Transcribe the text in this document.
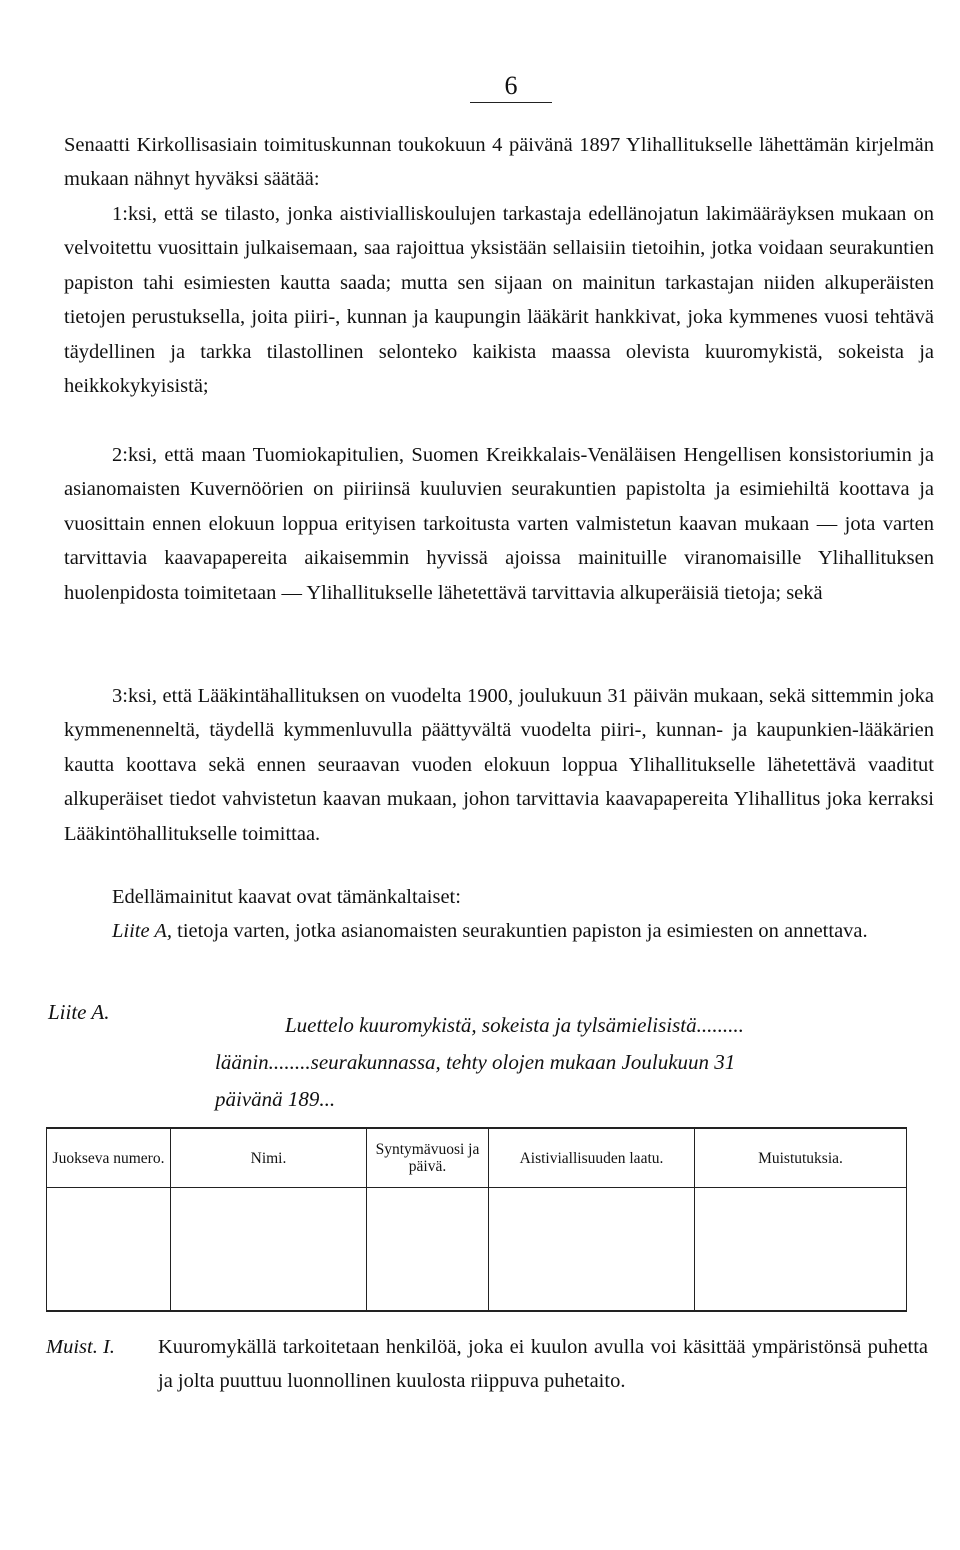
6

Senaatti Kirkollisasiain toimituskunnan toukokuun 4 päivänä 1897 Ylihallitukselle lähettämän kirjelmän mukaan nähnyt hyväksi säätää:

1:ksi, että se tilasto, jonka aistivialliskoulujen tarkastaja edellänojatun lakimääräyksen mukaan on velvoitettu vuosittain julkaisemaan, saa rajoittua yksistään sellaisiin tietoihin, jotka voidaan seurakuntien papiston tahi esimiesten kautta saada; mutta sen sijaan on mainitun tarkastajan niiden alkuperäisten tietojen perustuksella, joita piiri-, kunnan ja kaupungin lääkärit hankkivat, joka kymmenes vuosi tehtävä täydellinen ja tarkka tilastollinen selonteko kaikista maassa olevista kuuromykistä, sokeista ja heikkokykyisistä;

2:ksi, että maan Tuomiokapitulien, Suomen Kreikkalais-Venäläisen Hengellisen konsistoriumin ja asianomaisten Kuvernöörien on piiriinsä kuuluvien seurakuntien papistolta ja esimiehiltä koottava ja vuosittain ennen elokuun loppua erityisen tarkoitusta varten valmistetun kaavan mukaan — jota varten tarvittavia kaavapapereita aikaisemmin hyvissä ajoissa mainituille viranomaisille Ylihallituksen huolenpidosta toimitetaan — Ylihallitukselle lähetettävä tarvittavia alkuperäisiä tietoja; sekä

3:ksi, että Lääkintähallituksen on vuodelta 1900, joulukuun 31 päivän mukaan, sekä sittemmin joka kymmenenneltä, täydellä kymmenluvulla päättyvältä vuodelta piiri-, kunnan- ja kaupunkien-lääkärien kautta koottava sekä ennen seuraavan vuoden elokuun loppua Ylihallitukselle lähetettävä vaaditut alkuperäiset tiedot vahvistetun kaavan mukaan, johon tarvittavia kaavapapereita Ylihallitus joka kerraksi Lääkintöhallitukselle toimittaa.

Edellämainitut kaavat ovat tämänkaltaiset:

Liite A, tietoja varten, jotka asianomaisten seurakuntien papiston ja esimiesten on annettava.

Liite A.

Luettelo kuuromykistä, sokeista ja tylsämielisistä.........

läänin........seurakunnassa, tehty olojen mukaan Joulukuun 31

päivänä 189...

Juokseva numero.	Nimi.	Syntymävuosi ja päivä.	Aistiviallisuuden laatu.	Muistutuksia.

Muist. I. Kuuromykällä tarkoitetaan henkilöä, joka ei kuulon avulla voi käsittää ympäristönsä puhetta ja jolta puuttuu luonnollinen kuulosta riippuva puhetaito.
